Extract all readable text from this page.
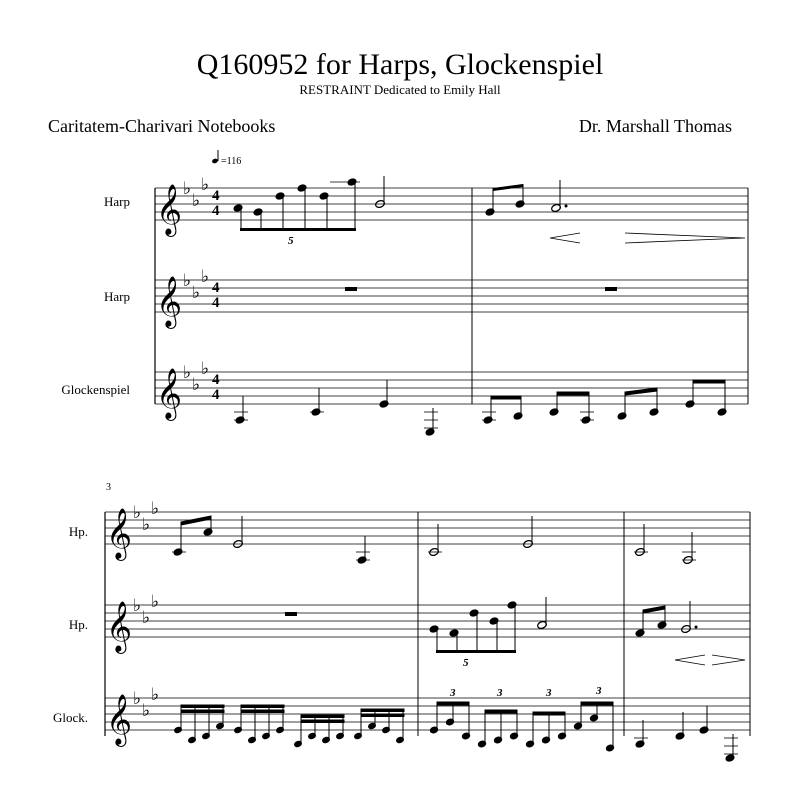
Q160952 for Harps, Glockenspiel
RESTRAINT Dedicated to Emily Hall
Caritatem-Charivari Notebooks	Dr. Marshall Thomas
=116
Harp
Harp
Glockenspiel
𝄞
𝄞
𝄞
♭
♭
♭
♭
♭
♭
♭
♭
♭
4
4
4
4
4
4
5
3
Hp.
Hp.
Glock.
𝄞
𝄞
𝄞
♭
♭
♭
♭
♭
♭
♭
♭
♭
5
3	3	3	3
